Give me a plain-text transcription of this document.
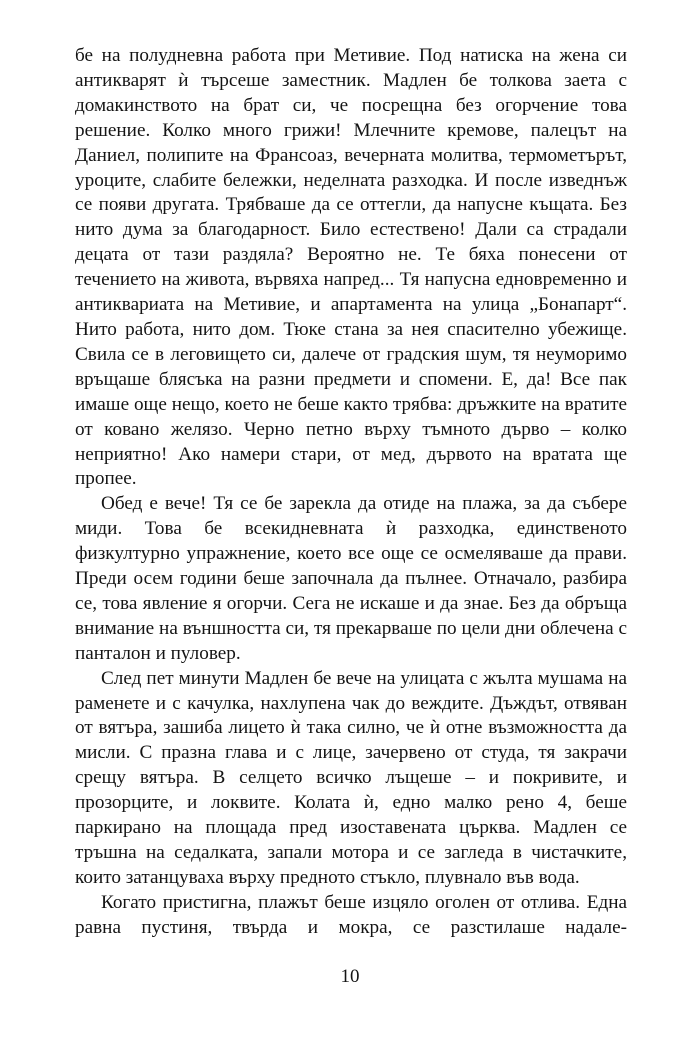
бе на полудневна работа при Метивие. Под натиска на жена си антикварят ѝ търсеше заместник. Мадлен бе толкова заета с домакинството на брат си, че посрещна без огорчение това решение. Колко много грижи! Млечните кремове, палецът на Даниел, полипите на Франсоаз, вечерната молитва, термометърът, уроците, слабите бележки, неделната разходка. И после изведнъж се появи другата. Трябваше да се оттегли, да напусне къщата. Без нито дума за благодарност. Било естествено! Дали са страдали децата от тази раздяла? Вероятно не. Те бяха понесени от течението на живота, вървяха напред... Тя напусна едновременно и антиквариата на Метивие, и апартамента на улица „Бонапарт“. Нито работа, нито дом. Тюке стана за нея спасително убежище. Свила се в леговището си, далече от градския шум, тя неуморимо връщаше блясъка на разни предмети и спомени. Е, да! Все пак имаше още нещо, което не беше както трябва: дръжките на вратите от ковано желязо. Черно петно върху тъмното дърво – колко неприятно! Ако намери стари, от мед, дървото на вратата ще пропее.

Обед е вече! Тя се бе зарекла да отиде на плажа, за да събере миди. Това бе всекидневната ѝ разходка, единственото физкултурно упражнение, което все още се осмеляваше да прави. Преди осем години беше започнала да пълнее. Отначало, разбира се, това явление я огорчи. Сега не искаше и да знае. Без да обръща внимание на външността си, тя прекарваше по цели дни облечена с панталон и пуловер.

След пет минути Мадлен бе вече на улицата с жълта мушама на раменете и с качулка, нахлупена чак до веждите. Дъждът, отвяван от вятъра, зашиба лицето ѝ така силно, че ѝ отне възможността да мисли. С празна глава и с лице, зачервено от студа, тя закрачи срещу вятъра. В селцето всичко лъщеше – и покривите, и прозорците, и локвите. Колата ѝ, едно малко рено 4, беше паркирано на площада пред изоставената църква. Мадлен се тръшна на седалката, запали мотора и се загледа в чистачките, които затанцуваха върху предното стъкло, плувнало във вода.

Когато пристигна, плажът беше изцяло оголен от отлива. Една равна пустиня, твърда и мокра, се разстилаше надале-

10
